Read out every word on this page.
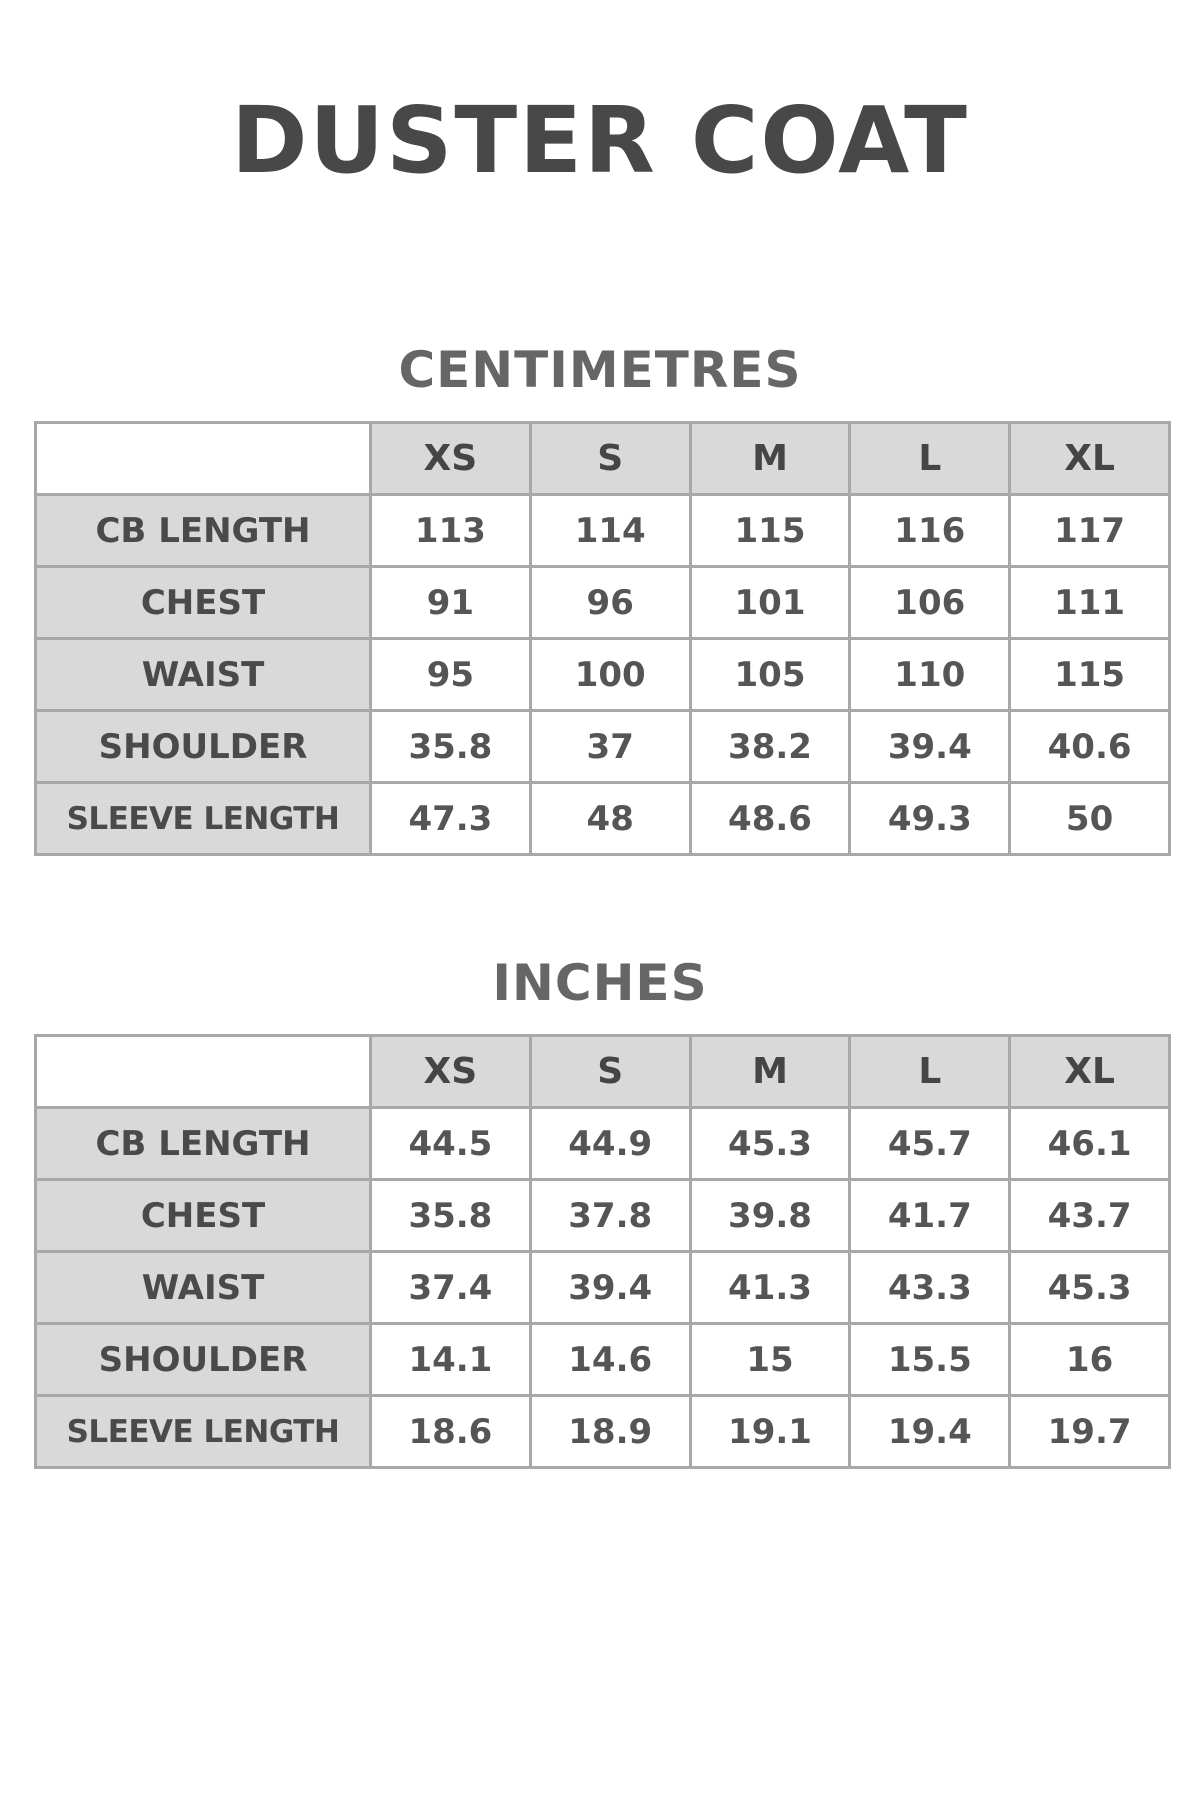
DUSTER COAT
CENTIMETRES
	XS	S	M	L	XL
CB LENGTH	113	114	115	116	117
CHEST	91	96	101	106	111
WAIST	95	100	105	110	115
SHOULDER	35.8	37	38.2	39.4	40.6
SLEEVE LENGTH	47.3	48	48.6	49.3	50
INCHES
	XS	S	M	L	XL
CB LENGTH	44.5	44.9	45.3	45.7	46.1
CHEST	35.8	37.8	39.8	41.7	43.7
WAIST	37.4	39.4	41.3	43.3	45.3
SHOULDER	14.1	14.6	15	15.5	16
SLEEVE LENGTH	18.6	18.9	19.1	19.4	19.7
